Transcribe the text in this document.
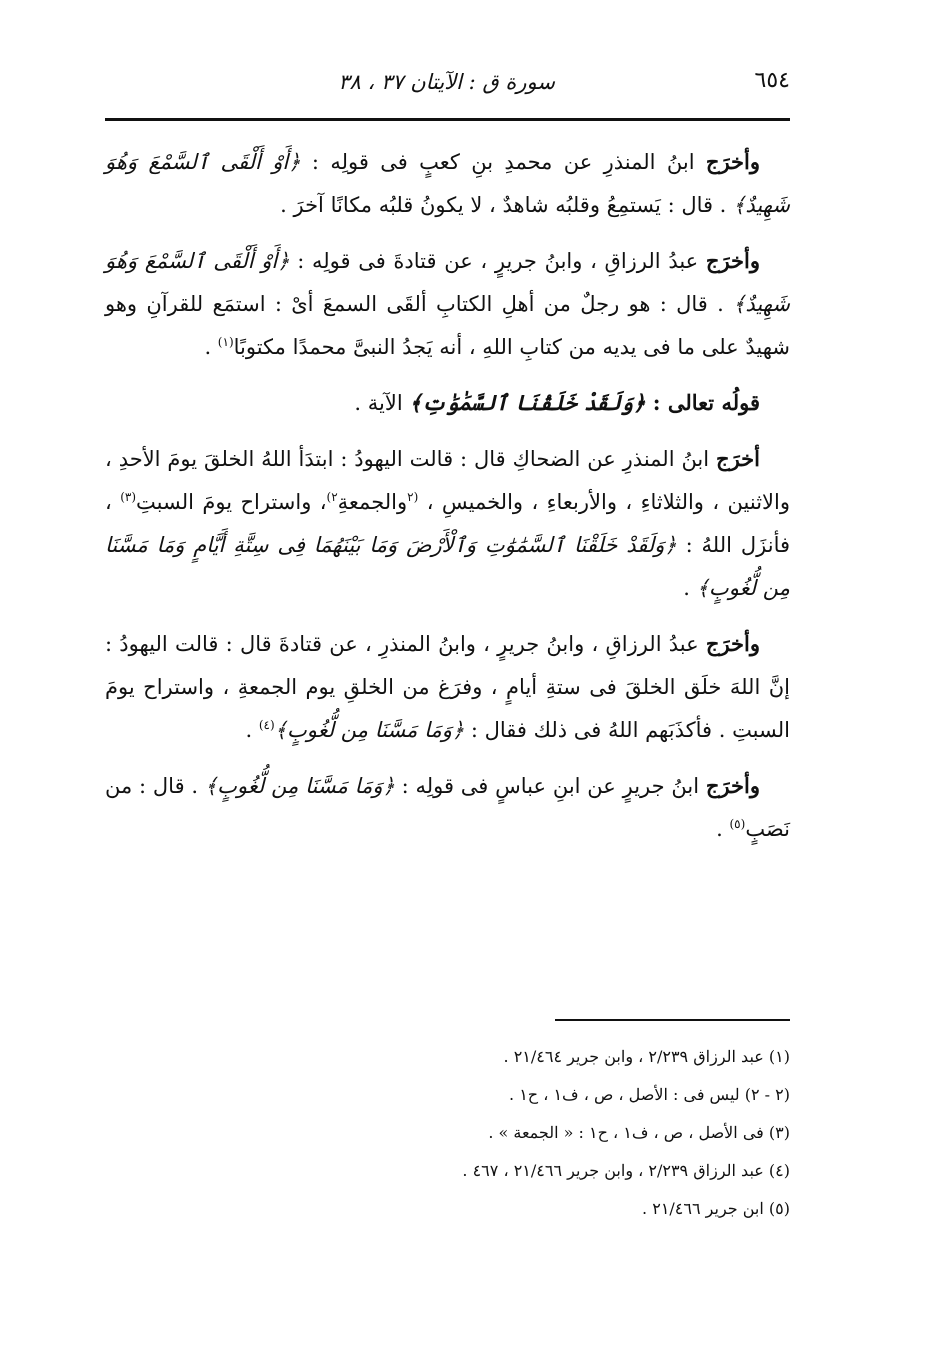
٦٥٤
سورة ق : الآيتان ٣٧ ، ٣٨

وأخرَج ابنُ المنذرِ عن محمدِ بنِ كعبٍ فى قولِه : ﴿أَوْ أَلْقَى ٱلسَّمْعَ وَهُوَ شَهِيدٌ﴾ . قال : يَستمِعُ وقلبُه شاهدٌ ، لا يكونُ قلبُه مكانًا آخرَ .

وأخرَج عبدُ الرزاقِ ، وابنُ جريرٍ ، عن قتادةَ فى قولِه : ﴿أَوْ أَلْقَى ٱلسَّمْعَ وَهُوَ شَهِيدٌ﴾ . قال : هو رجلٌ من أهلِ الكتابِ ألقَى السمعَ أىْ : استمَع للقرآنِ وهو شهيدٌ على ما فى يديه من كتابِ اللهِ ، أنه يَجدُ النبىَّ محمدًا مكتوبًا$^{(١)}$ .

قولُه تعالى : ﴿وَلَقَدْ خَلَقْنَا ٱلسَّمَٰوَٰتِ﴾ الآية .

أخرَج ابنُ المنذرِ عن الضحاكِ قال : قالت اليهودُ : ابتدَأ اللهُ الخلقَ يومَ الأحدِ ، والاثنين ، والثلاثاءِ ، والأربعاءِ ، والخميسِ ، $^{(٢}$والجمعةِ$^{٢)}$، واستراح يومَ السبتِ$^{(٣)}$ ، فأنزَل اللهُ : ﴿وَلَقَدْ خَلَقْنَا ٱلسَّمَٰوَٰتِ وَٱلْأَرْضَ وَمَا بَيْنَهُمَا فِى سِتَّةِ أَيَّامٍ وَمَا مَسَّنَا مِن لُّغُوبٍ﴾ .

وأخرَج عبدُ الرزاقِ ، وابنُ جريرٍ ، وابنُ المنذرِ ، عن قتادةَ قال : قالت اليهودُ : إنَّ اللهَ خلَق الخلقَ فى ستةِ أيامٍ ، وفرَغ من الخلقِ يوم الجمعةِ ، واستراح يومَ السبتِ . فأكذَبَهم اللهُ فى ذلك فقال : ﴿وَمَا مَسَّنَا مِن لُّغُوبٍ﴾$^{(٤)}$ .

وأخرَج ابنُ جريرٍ عن ابنِ عباسٍ فى قولِه : ﴿وَمَا مَسَّنَا مِن لُّغُوبٍ﴾ . قال : من نَصَبٍ$^{(٥)}$ .

(١) عبد الرزاق ٢/٢٣٩ ، وابن جرير ٢١/٤٦٤ .

(٢ - ٢) ليس فى : الأصل ، ص ، ف١ ، ح١ .

(٣) فى الأصل ، ص ، ف١ ، ح١ : « الجمعة » .

(٤) عبد الرزاق ٢/٢٣٩ ، وابن جرير ٢١/٤٦٦ ، ٤٦٧ .

(٥) ابن جرير ٢١/٤٦٦ .
